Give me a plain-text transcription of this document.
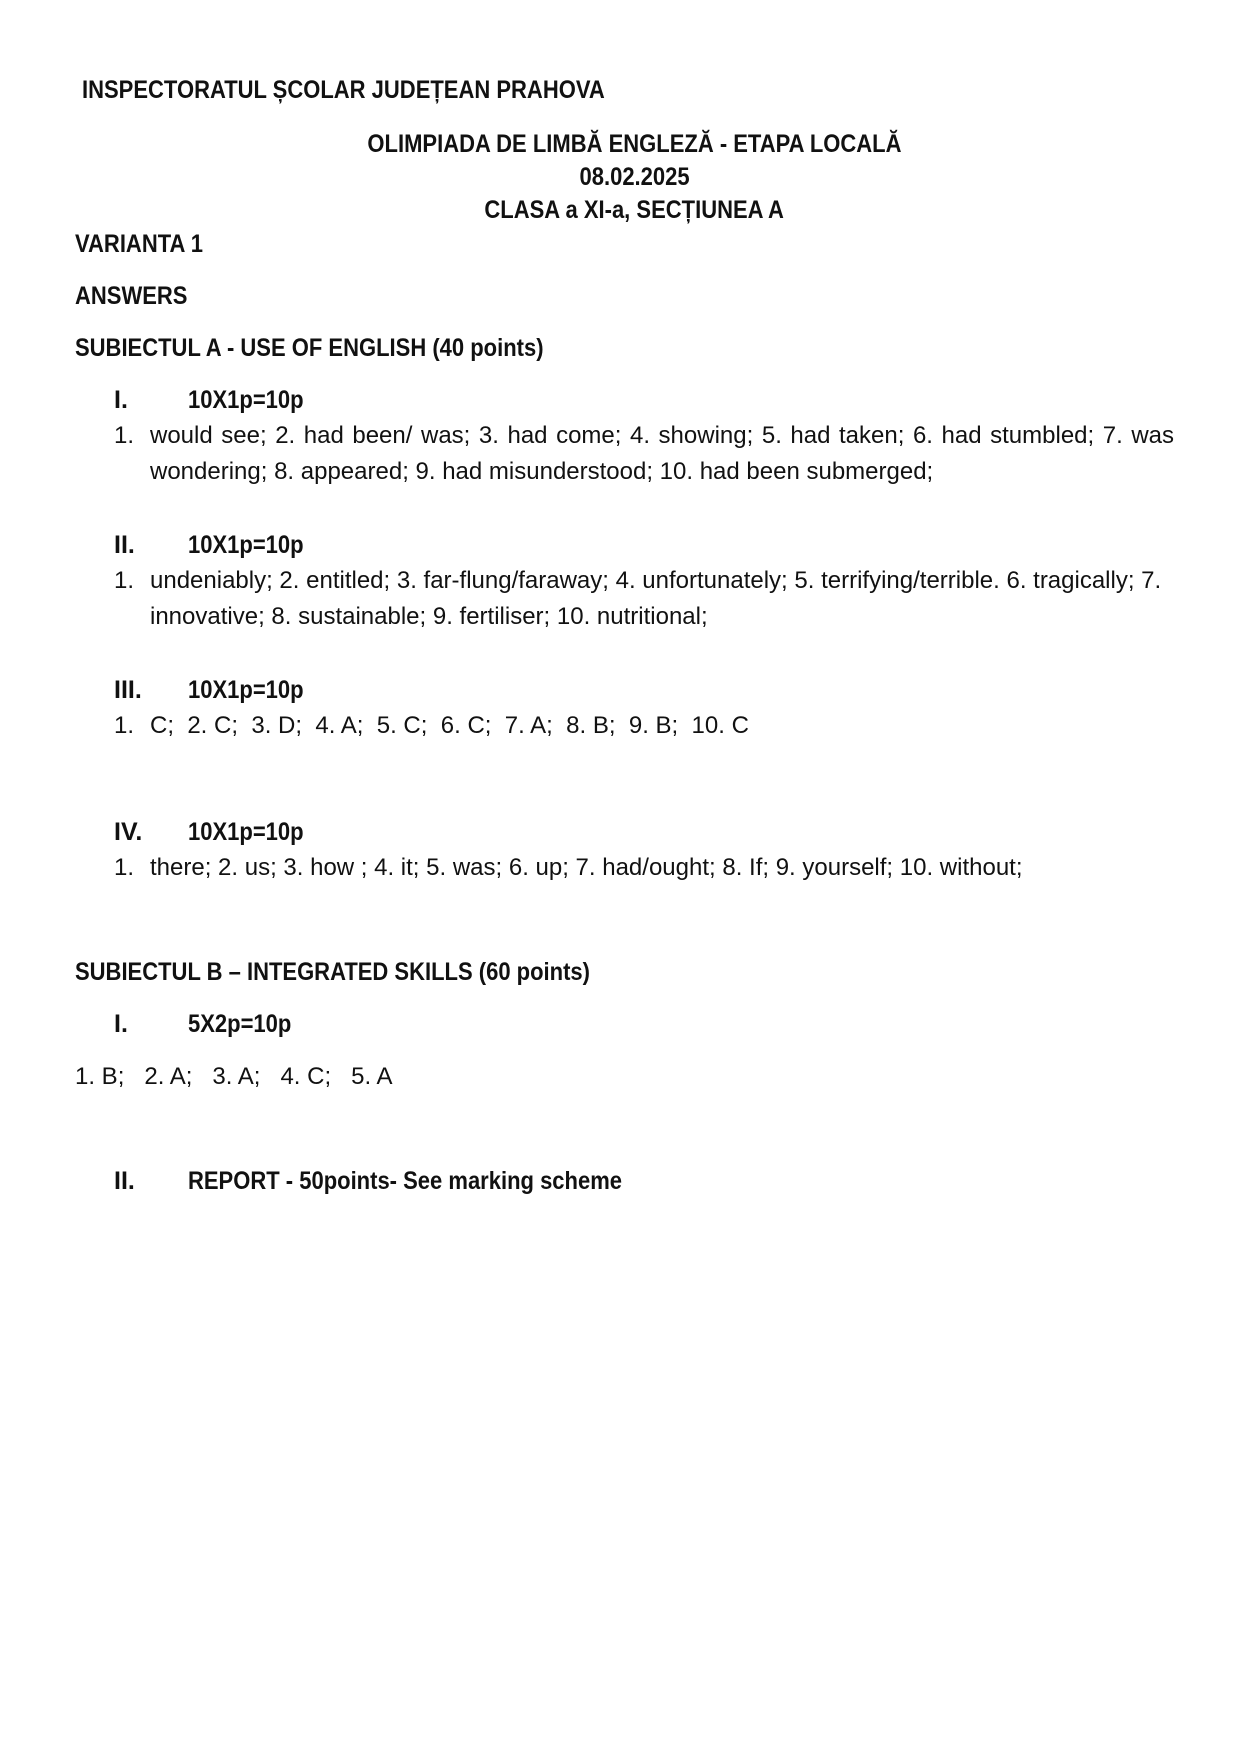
INSPECTORATUL ȘCOLAR JUDEȚEAN PRAHOVA
OLIMPIADA DE LIMBĂ ENGLEZĂ - ETAPA LOCALĂ
08.02.2025
CLASA a XI-a, SECȚIUNEA A
VARIANTA 1
ANSWERS
SUBIECTUL A - USE OF ENGLISH (40 points)
I. 10X1p=10p
1. would see; 2. had been/ was; 3. had come; 4. showing; 5. had taken; 6. had stumbled; 7. was wondering; 8. appeared; 9. had misunderstood; 10. had been submerged;
II. 10X1p=10p
1. undeniably; 2. entitled; 3. far-flung/faraway; 4. unfortunately; 5. terrifying/terrible. 6. tragically; 7. innovative; 8. sustainable; 9. fertiliser; 10. nutritional;
III. 10X1p=10p
1. C;  2. C;  3. D;  4. A;  5. C;  6. C;  7. A;  8. B;  9. B;  10. C
IV. 10X1p=10p
1. there; 2. us; 3. how ; 4. it; 5. was; 6. up; 7. had/ought; 8. If; 9. yourself; 10. without;
SUBIECTUL B – INTEGRATED SKILLS (60 points)
I. 5X2p=10p
1. B;   2. A;   3. A;   4. C;   5. A
II. REPORT - 50points- See marking scheme
